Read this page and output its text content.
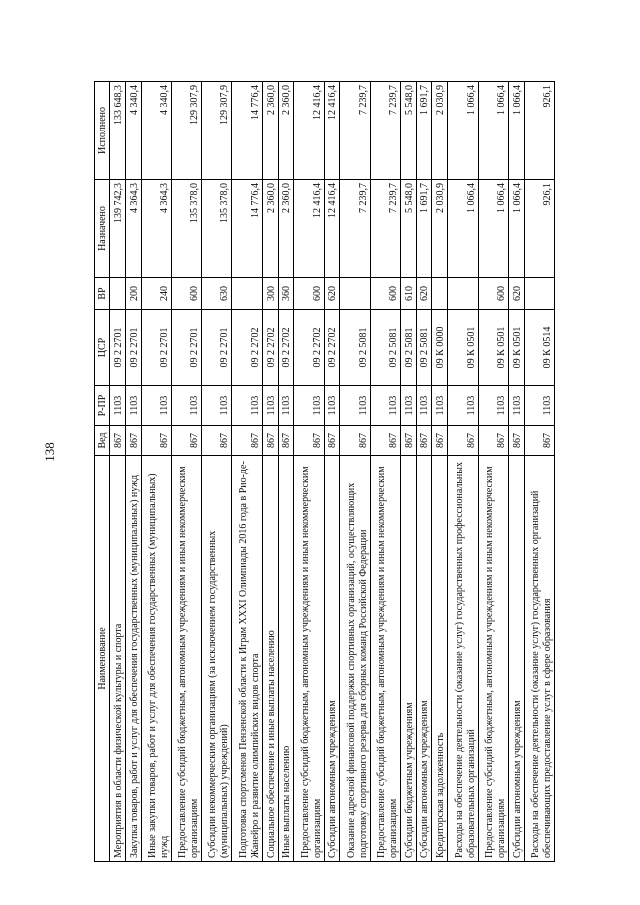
138
Наименование	Вед	Р-ПР	ЦСР	ВР	Назначено	Исполнено
Мероприятия в области физической культуры и спорта	867	1103	09 2 2701		139 742,3	133 648,3
Закупка товаров, работ и услуг для обеспечения государственных (муниципальных) нужд	867	1103	09 2 2701	200	4 364,3	4 340,4
Иные закупки товаров, работ и услуг для обеспечения государственных (муниципальных) нужд	867	1103	09 2 2701	240	4 364,3	4 340,4
Предоставление субсидий бюджетным, автономным учреждениям и иным некоммерческим организациям	867	1103	09 2 2701	600	135 378,0	129 307,9
Субсидии некоммерческим организациям (за исключением государственных (муниципальных) учреждений)	867	1103	09 2 2701	630	135 378,0	129 307,9
Подготовка спортсменов Пензенской области к Играм XXXI Олимпиады 2016 года в Рио-де-Жанейро и развитие олимпийских видов спорта	867	1103	09 2 2702		14 776,4	14 776,4
Социальное обеспечение и иные выплаты населению	867	1103	09 2 2702	300	2 360,0	2 360,0
Иные выплаты населению	867	1103	09 2 2702	360	2 360,0	2 360,0
Предоставление субсидий бюджетным, автономным учреждениям и иным некоммерческим организациям	867	1103	09 2 2702	600	12 416,4	12 416,4
Субсидии автономным учреждениям	867	1103	09 2 2702	620	12 416,4	12 416,4
Оказание адресной финансовой поддержки спортивных организаций, осуществляющих подготовку спортивного резерва для сборных команд Российской Федерации	867	1103	09 2 5081		7 239,7	7 239,7
Предоставление субсидий бюджетным, автономным учреждениям и иным некоммерческим организациям	867	1103	09 2 5081	600	7 239,7	7 239,7
Субсидии бюджетным учреждениям	867	1103	09 2 5081	610	5 548,0	5 548,0
Субсидии автономным учреждениям	867	1103	09 2 5081	620	1 691,7	1 691,7
Кредиторская задолженность	867	1103	09 К 0000		2 030,9	2 030,9
Расходы на обеспечение деятельности (оказание услуг) государственных профессиональных образовательных организаций	867	1103	09 К 0501		1 066,4	1 066,4
Предоставление субсидий бюджетным, автономным учреждениям и иным некоммерческим организациям	867	1103	09 К 0501	600	1 066,4	1 066,4
Субсидии автономным учреждениям	867	1103	09 К 0501	620	1 066,4	1 066,4
Расходы на обеспечение деятельности (оказание услуг) государственных организаций обеспечивающих предоставление услуг в сфере образования	867	1103	09 К 0514		926,1	926,1
